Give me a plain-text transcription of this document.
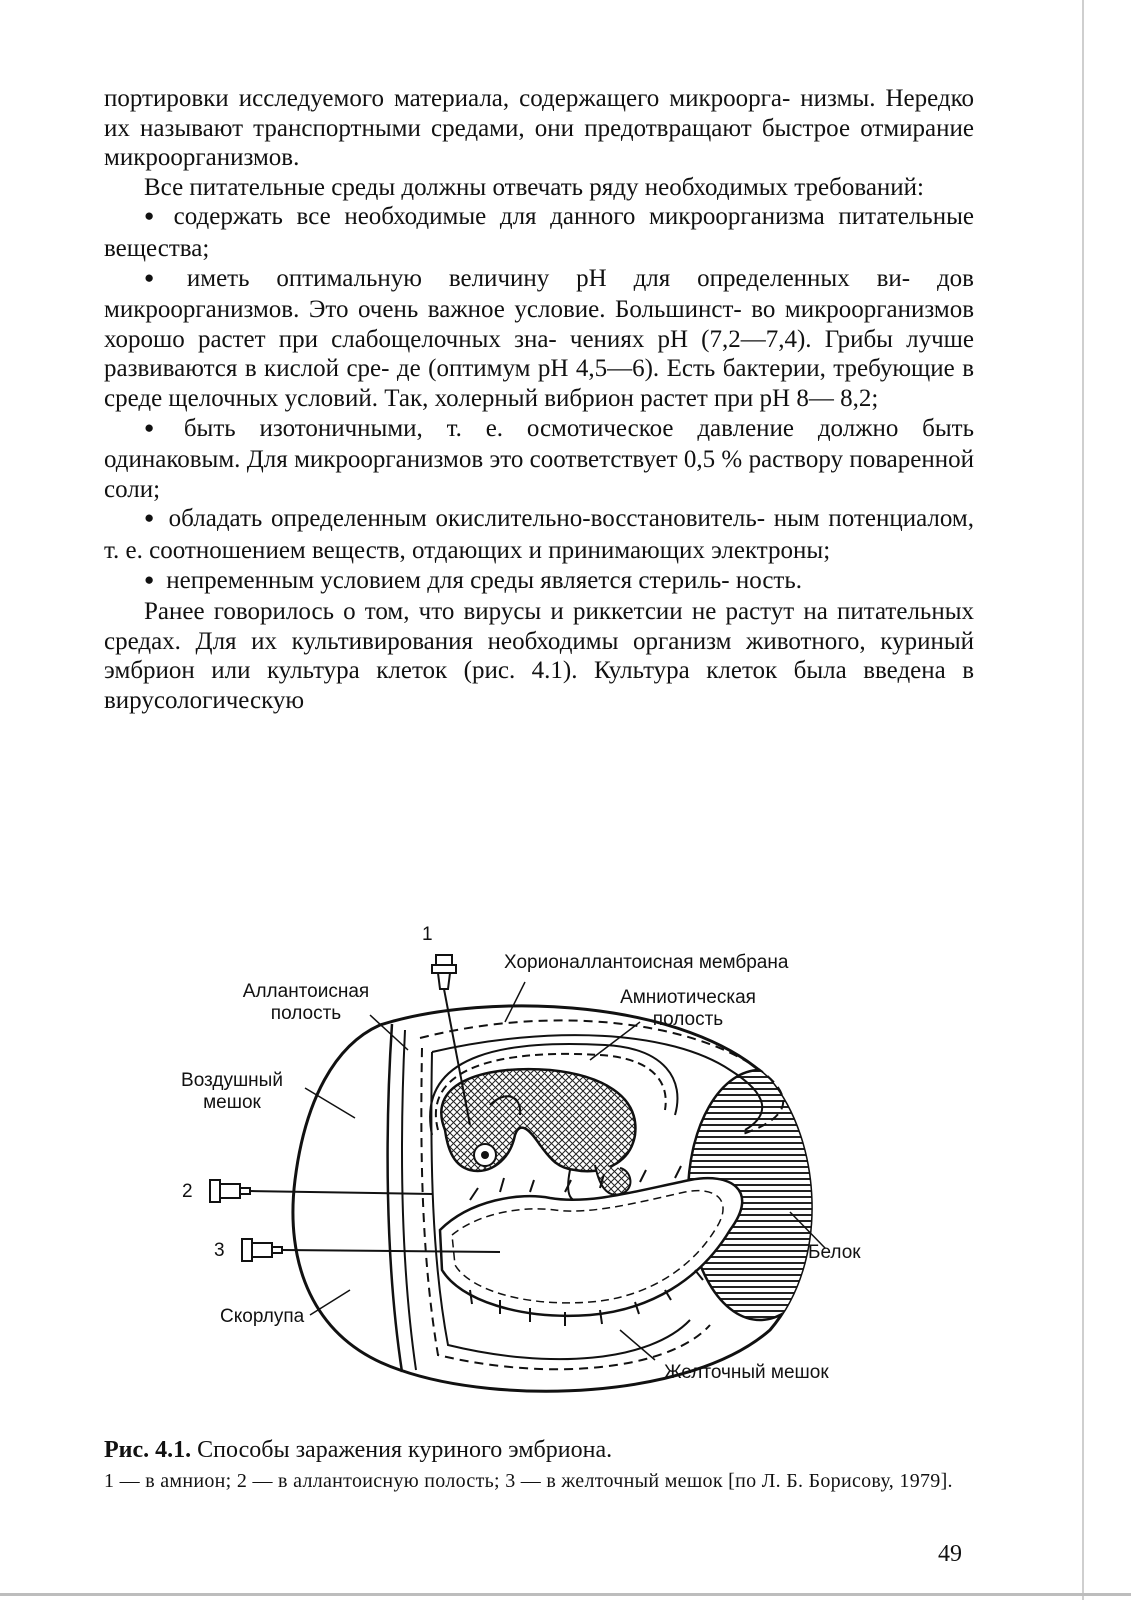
портировки исследуемого материала, содержащего микроорга- низмы. Нередко их называют транспортными средами, они предотвращают быстрое отмирание микроорганизмов.

Все питательные среды должны отвечать ряду необходимых требований:

● содержать все необходимые для данного микроорганизма питательные вещества;

● иметь оптимальную величину pH для определенных ви- дов микроорганизмов. Это очень важное условие. Большинст- во микроорганизмов хорошо растет при слабощелочных зна- чениях pH (7,2—7,4). Грибы лучше развиваются в кислой сре- де (оптимум pH 4,5—6). Есть бактерии, требующие в среде щелочных условий. Так, холерный вибрион растет при pH 8— 8,2;

● быть изотоничными, т. е. осмотическое давление должно быть одинаковым. Для микроорганизмов это соответствует 0,5 % раствору поваренной соли;

● обладать определенным окислительно-восстановитель- ным потенциалом, т. е. соотношением веществ, отдающих и принимающих электроны;

● непременным условием для среды является стериль- ность.

Ранее говорилось о том, что вирусы и риккетсии не растут на питательных средах. Для их культивирования необходимы организм животного, куриный эмбрион или культура клеток (рис. 4.1). Культура клеток была введена в вирусологическую

1
Хорионаллантоисная мембрана
Аллантоисная
полость
Амниотическая
полость
Воздушный
мешок
2
3	Белок
Скорлупа
Желточный мешок

Рис. 4.1. Способы заражения куриного эмбриона.

1 — в амнион; 2 — в аллантоисную полость; 3 — в желточный мешок [по Л. Б. Борисову, 1979].

49
